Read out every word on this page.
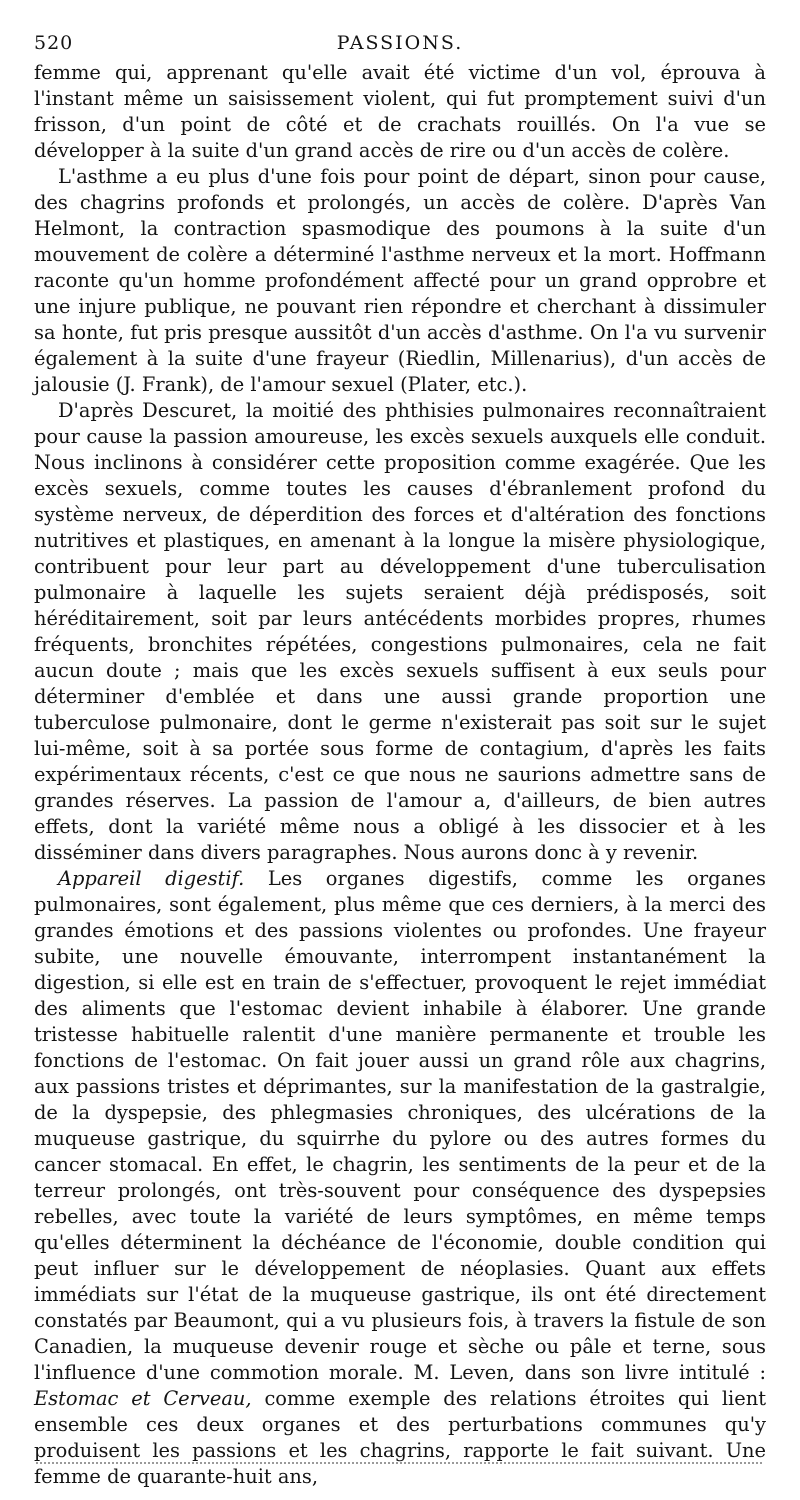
520	PASSIONS.

femme qui, apprenant qu'elle avait été victime d'un vol, éprouva à l'instant même un saisissement violent, qui fut promptement suivi d'un frisson, d'un point de côté et de crachats rouillés. On l'a vue se développer à la suite d'un grand accès de rire ou d'un accès de colère.

L'asthme a eu plus d'une fois pour point de départ, sinon pour cause, des chagrins profonds et prolongés, un accès de colère. D'après Van Helmont, la contraction spasmodique des poumons à la suite d'un mouvement de colère a déterminé l'asthme nerveux et la mort. Hoffmann raconte qu'un homme profondément affecté pour un grand opprobre et une injure publique, ne pouvant rien répondre et cherchant à dissimuler sa honte, fut pris presque aussitôt d'un accès d'asthme. On l'a vu survenir également à la suite d'une frayeur (Riedlin, Millenarius), d'un accès de jalousie (J. Frank), de l'amour sexuel (Plater, etc.).

D'après Descuret, la moitié des phthisies pulmonaires reconnaîtraient pour cause la passion amoureuse, les excès sexuels auxquels elle conduit. Nous inclinons à considérer cette proposition comme exagérée. Que les excès sexuels, comme toutes les causes d'ébranlement profond du système nerveux, de déperdition des forces et d'altération des fonctions nutritives et plastiques, en amenant à la longue la misère physiologique, contribuent pour leur part au développement d'une tuberculisation pulmonaire à laquelle les sujets seraient déjà prédisposés, soit héréditairement, soit par leurs antécédents morbides propres, rhumes fréquents, bronchites répétées, congestions pulmonaires, cela ne fait aucun doute ; mais que les excès sexuels suffisent à eux seuls pour déterminer d'emblée et dans une aussi grande proportion une tuberculose pulmonaire, dont le germe n'existerait pas soit sur le sujet lui-même, soit à sa portée sous forme de contagium, d'après les faits expérimentaux récents, c'est ce que nous ne saurions admettre sans de grandes réserves. La passion de l'amour a, d'ailleurs, de bien autres effets, dont la variété même nous a obligé à les dissocier et à les disséminer dans divers paragraphes. Nous aurons donc à y revenir.

Appareil digestif. Les organes digestifs, comme les organes pulmonaires, sont également, plus même que ces derniers, à la merci des grandes émotions et des passions violentes ou profondes. Une frayeur subite, une nouvelle émouvante, interrompent instantanément la digestion, si elle est en train de s'effectuer, provoquent le rejet immédiat des aliments que l'estomac devient inhabile à élaborer. Une grande tristesse habituelle ralentit d'une manière permanente et trouble les fonctions de l'estomac. On fait jouer aussi un grand rôle aux chagrins, aux passions tristes et déprimantes, sur la manifestation de la gastralgie, de la dyspepsie, des phlegmasies chroniques, des ulcérations de la muqueuse gastrique, du squirrhe du pylore ou des autres formes du cancer stomacal. En effet, le chagrin, les sentiments de la peur et de la terreur prolongés, ont très-souvent pour conséquence des dyspepsies rebelles, avec toute la variété de leurs symptômes, en même temps qu'elles déterminent la déchéance de l'économie, double condition qui peut influer sur le développement de néoplasies. Quant aux effets immédiats sur l'état de la muqueuse gastrique, ils ont été directement constatés par Beaumont, qui a vu plusieurs fois, à travers la fistule de son Canadien, la muqueuse devenir rouge et sèche ou pâle et terne, sous l'influence d'une commotion morale. M. Leven, dans son livre intitulé : Estomac et Cerveau, comme exemple des relations étroites qui lient ensemble ces deux organes et des perturbations communes qu'y produisent les passions et les chagrins, rapporte le fait suivant. Une femme de quarante-huit ans,
